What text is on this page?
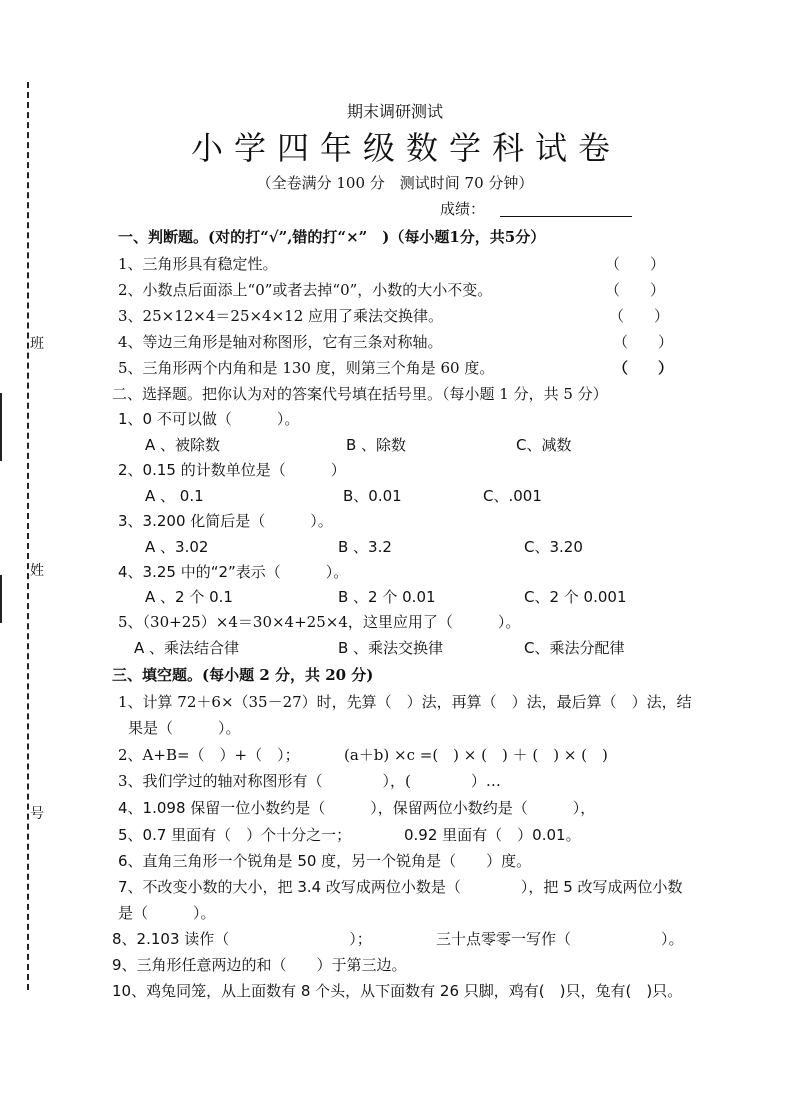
班
姓
号
期末调研测试
小学四年级数学科试卷
（全卷满分 100 分　测试时间 70 分钟）
成绩：
一、判断题。(对的打“√”,错的打“×”　)（每小题1分，共5分）
1、三角形具有稳定性。	（　　）
2、小数点后面添上“0”或者去掉“0”，小数的大小不变。	（　　）
3、25×12×4＝25×4×12 应用了乘法交换律。	（　　）
4、等边三角形是轴对称图形，它有三条对称轴。	（　　）
5、三角形两个内角和是 130 度，则第三个角是 60 度。	（　　）
二、选择题。把你认为对的答案代号填在括号里。（每小题 1 分，共 5 分）
1、0 不可以做（　　　）。
A 、被除数	B 、除数	C、减数
2、0.15 的计数单位是（　　　）
A 、 0.1	B、0.01	C、.001
3、3.200 化简后是（　　　）。
A 、3.02	B 、3.2	C、3.20
4、3.25 中的“2”表示（　　　）。
A 、2 个 0.1	B 、2 个 0.01	C、2 个 0.001
5、（30+25）×4＝30×4+25×4，这里应用了（　　　）。
A 、乘法结合律	B 、乘法交换律	C、乘法分配律
三、填空题。(每小题 2 分，共 20 分)
1、计算 72＋6×（35－27）时，先算（　）法，再算（　）法，最后算（　）法，结
果是（　　　）。
2、A+B=（　）+（　）；	(a＋b) ×c =(　) × (　) ＋ (　) × (　)
3、我们学过的轴对称图形有（　　　　），(　　　　）…
4、1.098 保留一位小数约是（　　　），保留两位小数约是（　　　），
5、0.7 里面有（　）个十分之一；	0.92 里面有（　）0.01。
6、直角三角形一个锐角是 50 度，另一个锐角是（　　）度。
7、不改变小数的大小，把 3.4 改写成两位小数是（　　　　），把 5 改写成两位小数
是（　　　）。
8、2.103 读作（　　　　　　　　）；	三十点零零一写作（　　　　　　）。
9、三角形任意两边的和（　　）于第三边。
10、鸡兔同笼，从上面数有 8 个头，从下面数有 26 只脚，鸡有(　)只，兔有(　)只。
